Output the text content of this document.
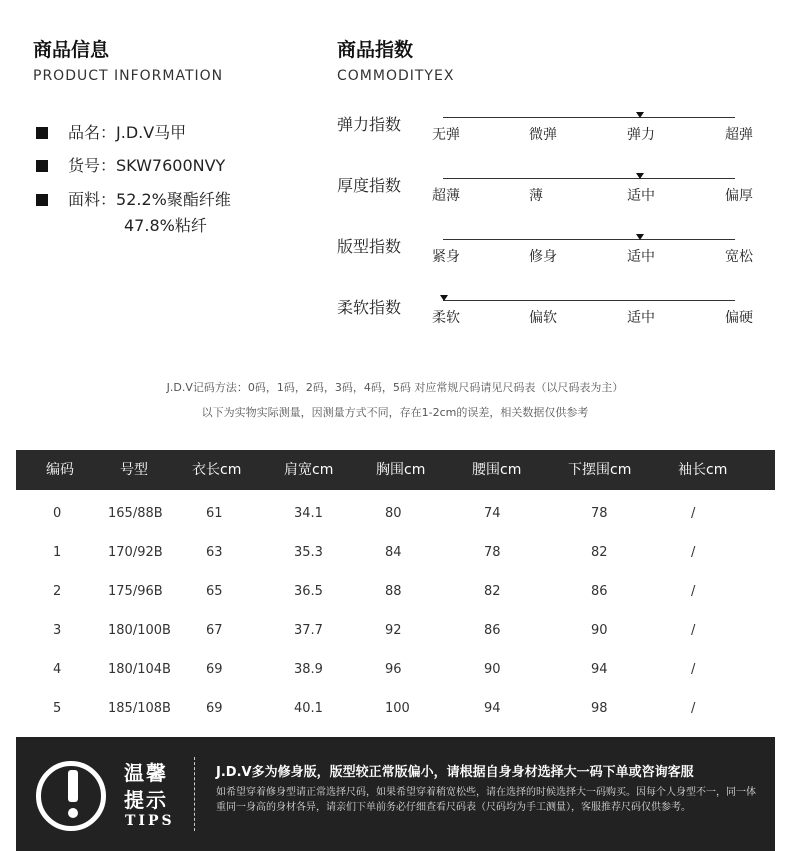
商品信息
PRODUCT INFORMATION
品名：J.D.V马甲
货号：SKW7600NVY
面料：52.2%聚酯纤维
47.8%粘纤
商品指数
COMMODITYEX
弹力指数
无弹	微弹	弹力	超弹
厚度指数
超薄	薄	适中	偏厚
版型指数
紧身	修身	适中	宽松
柔软指数
柔软	偏软	适中	偏硬
J.D.V记码方法：0码，1码，2码，3码，4码，5码 对应常规尺码请见尺码表（以尺码表为主）
以下为实物实际测量，因测量方式不同，存在1-2cm的误差，相关数据仅供参考
编码	号型	衣长cm	肩宽cm	胸围cm	腰围cm	下摆围cm	袖长cm
0	165/88B	61	34.1	80	74	78	/
1	170/92B	63	35.3	84	78	82	/
2	175/96B	65	36.5	88	82	86	/
3	180/100B	67	37.7	92	86	90	/
4	180/104B	69	38.9	96	90	94	/
5	185/108B	69	40.1	100	94	98	/
温馨
提示
TIPS
J.D.V多为修身版，版型较正常版偏小，请根据自身身材选择大一码下单或咨询客服
如希望穿着修身型请正常选择尺码，如果希望穿着稍宽松些，请在选择的时候选择大一码购买。因每个人身型不一，同一体重同一身高的身材各异，请亲们下单前务必仔细查看尺码表（尺码均为手工测量），客服推荐尺码仅供参考。
